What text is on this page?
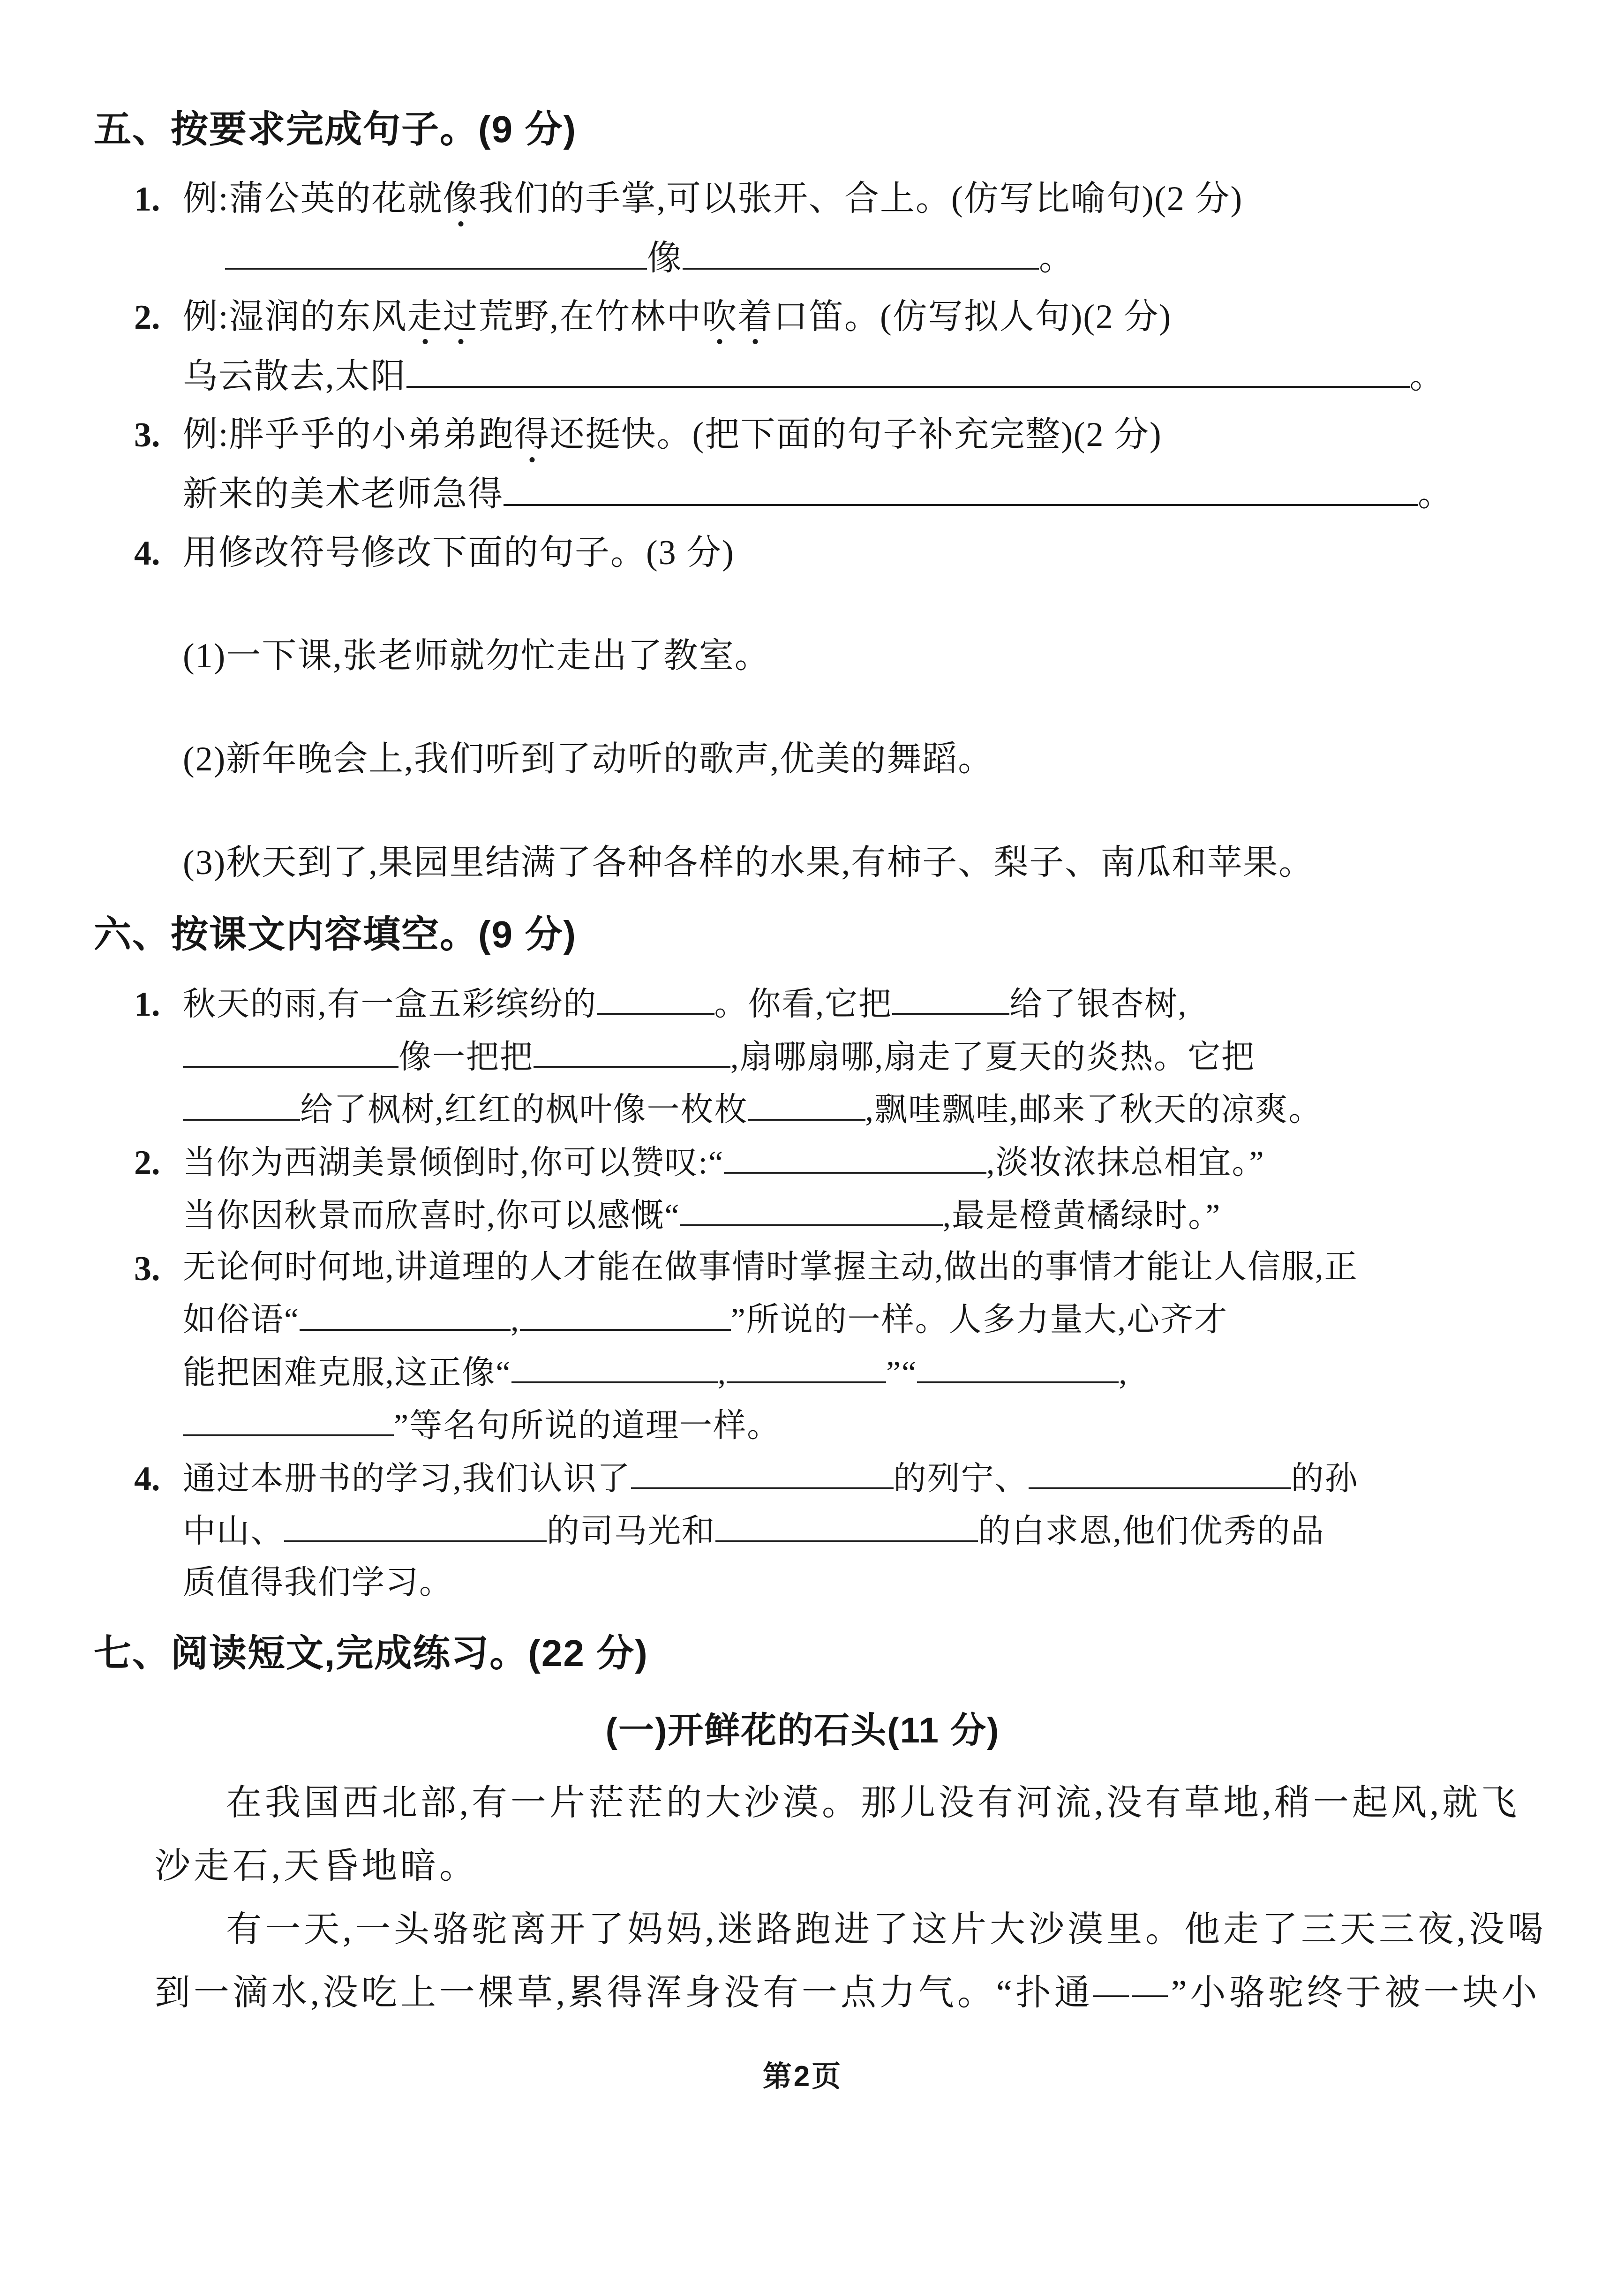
五、按要求完成句子。(9 分)
1. 例:蒲公英的花就像我们的手掌,可以张开、合上。(仿写比喻句)(2 分)
像	。
2. 例:湿润的东风走过荒野,在竹林中吹着口笛。(仿写拟人句)(2 分)
乌云散去,太阳	。
3. 例:胖乎乎的小弟弟跑得还挺快。(把下面的句子补充完整)(2 分)
新来的美术老师急得	。
4. 用修改符号修改下面的句子。(3 分)
(1)一下课,张老师就勿忙走出了教室。
(2)新年晚会上,我们听到了动听的歌声,优美的舞蹈。
(3)秋天到了,果园里结满了各种各样的水果,有柿子、梨子、南瓜和苹果。
六、按课文内容填空。(9 分)
1. 秋天的雨,有一盒五彩缤纷的	。你看,它把	给了银杏树,
像一把把	,扇哪扇哪,扇走了夏天的炎热。它把
给了枫树,红红的枫叶像一枚枚	,飘哇飘哇,邮来了秋天的凉爽。
2. 当你为西湖美景倾倒时,你可以赞叹:“	,淡妆浓抹总相宜。”
当你因秋景而欣喜时,你可以感慨“	,最是橙黄橘绿时。”
3. 无论何时何地,讲道理的人才能在做事情时掌握主动,做出的事情才能让人信服,正
如俗语“	,	”所说的一样。人多力量大,心齐才
能把困难克服,这正像“	,	”“	,
”等名句所说的道理一样。
4. 通过本册书的学习,我们认识了	的列宁、	的孙
中山、	的司马光和	的白求恩,他们优秀的品
质值得我们学习。
七、阅读短文,完成练习。(22 分)
(一)开鲜花的石头(11 分)
在我国西北部,有一片茫茫的大沙漠。那儿没有河流,没有草地,稍一起风,就飞
沙走石,天昏地暗。
有一天,一头骆驼离开了妈妈,迷路跑进了这片大沙漠里。他走了三天三夜,没喝
到一滴水,没吃上一棵草,累得浑身没有一点力气。“扑通——”小骆驼终于被一块小
第2页
